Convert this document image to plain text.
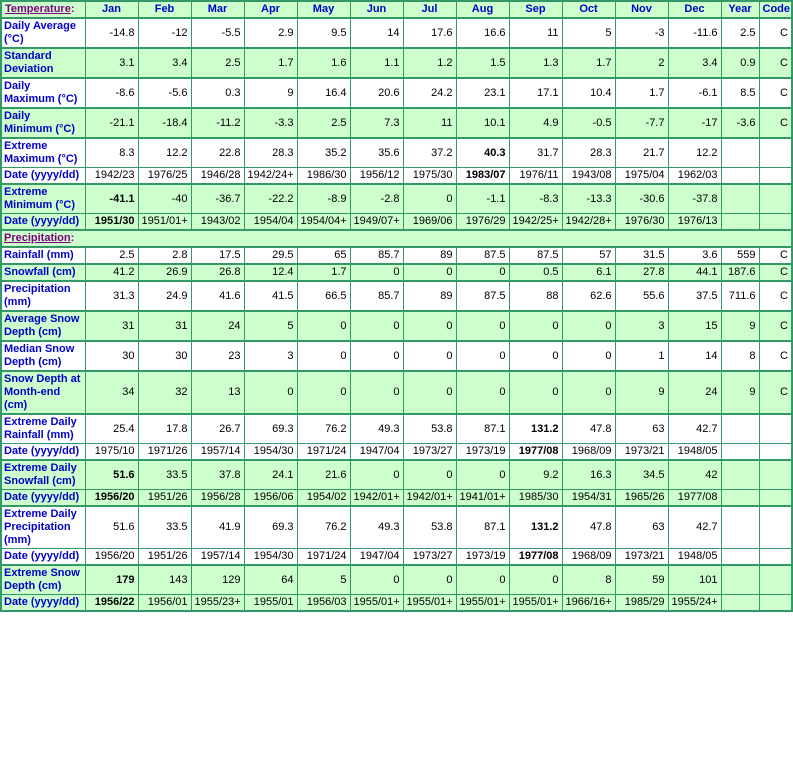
Temperature:	Jan	Feb	Mar	Apr	May	Jun	Jul	Aug	Sep	Oct	Nov	Dec	Year	Code
Daily Average (°C)	-14.8	-12	-5.5	2.9	9.5	14	17.6	16.6	11	5	-3	-11.6	2.5	C
Standard Deviation	3.1	3.4	2.5	1.7	1.6	1.1	1.2	1.5	1.3	1.7	2	3.4	0.9	C
Daily Maximum (°C)	-8.6	-5.6	0.3	9	16.4	20.6	24.2	23.1	17.1	10.4	1.7	-6.1	8.5	C
Daily Minimum (°C)	-21.1	-18.4	-11.2	-3.3	2.5	7.3	11	10.1	4.9	-0.5	-7.7	-17	-3.6	C
Extreme Maximum (°C)	8.3	12.2	22.8	28.3	35.2	35.6	37.2	40.3	31.7	28.3	21.7	12.2		
Date (yyyy/dd)	1942/23	1976/25	1946/28	1942/24+	1986/30	1956/12	1975/30	1983/07	1976/11	1943/08	1975/04	1962/03		
Extreme Minimum (°C)	-41.1	-40	-36.7	-22.2	-8.9	-2.8	0	-1.1	-8.3	-13.3	-30.6	-37.8		
Date (yyyy/dd)	1951/30	1951/01+	1943/02	1954/04	1954/04+	1949/07+	1969/06	1976/29	1942/25+	1942/28+	1976/30	1976/13		
Precipitation:														
Rainfall (mm)	2.5	2.8	17.5	29.5	65	85.7	89	87.5	87.5	57	31.5	3.6	559	C
Snowfall (cm)	41.2	26.9	26.8	12.4	1.7	0	0	0	0.5	6.1	27.8	44.1	187.6	C
Precipitation (mm)	31.3	24.9	41.6	41.5	66.5	85.7	89	87.5	88	62.6	55.6	37.5	711.6	C
Average Snow Depth (cm)	31	31	24	5	0	0	0	0	0	0	3	15	9	C
Median Snow Depth (cm)	30	30	23	3	0	0	0	0	0	0	1	14	8	C
Snow Depth at Month-end (cm)	34	32	13	0	0	0	0	0	0	0	9	24	9	C
Extreme Daily Rainfall (mm)	25.4	17.8	26.7	69.3	76.2	49.3	53.8	87.1	131.2	47.8	63	42.7		
Date (yyyy/dd)	1975/10	1971/26	1957/14	1954/30	1971/24	1947/04	1973/27	1973/19	1977/08	1968/09	1973/21	1948/05		
Extreme Daily Snowfall (cm)	51.6	33.5	37.8	24.1	21.6	0	0	0	9.2	16.3	34.5	42		
Date (yyyy/dd)	1956/20	1951/26	1956/28	1956/06	1954/02	1942/01+	1942/01+	1941/01+	1985/30	1954/31	1965/26	1977/08		
Extreme Daily Precipitation (mm)	51.6	33.5	41.9	69.3	76.2	49.3	53.8	87.1	131.2	47.8	63	42.7		
Date (yyyy/dd)	1956/20	1951/26	1957/14	1954/30	1971/24	1947/04	1973/27	1973/19	1977/08	1968/09	1973/21	1948/05		
Extreme Snow Depth (cm)	179	143	129	64	5	0	0	0	0	8	59	101		
Date (yyyy/dd)	1956/22	1956/01	1955/23+	1955/01	1956/03	1955/01+	1955/01+	1955/01+	1955/01+	1966/16+	1985/29	1955/24+		
